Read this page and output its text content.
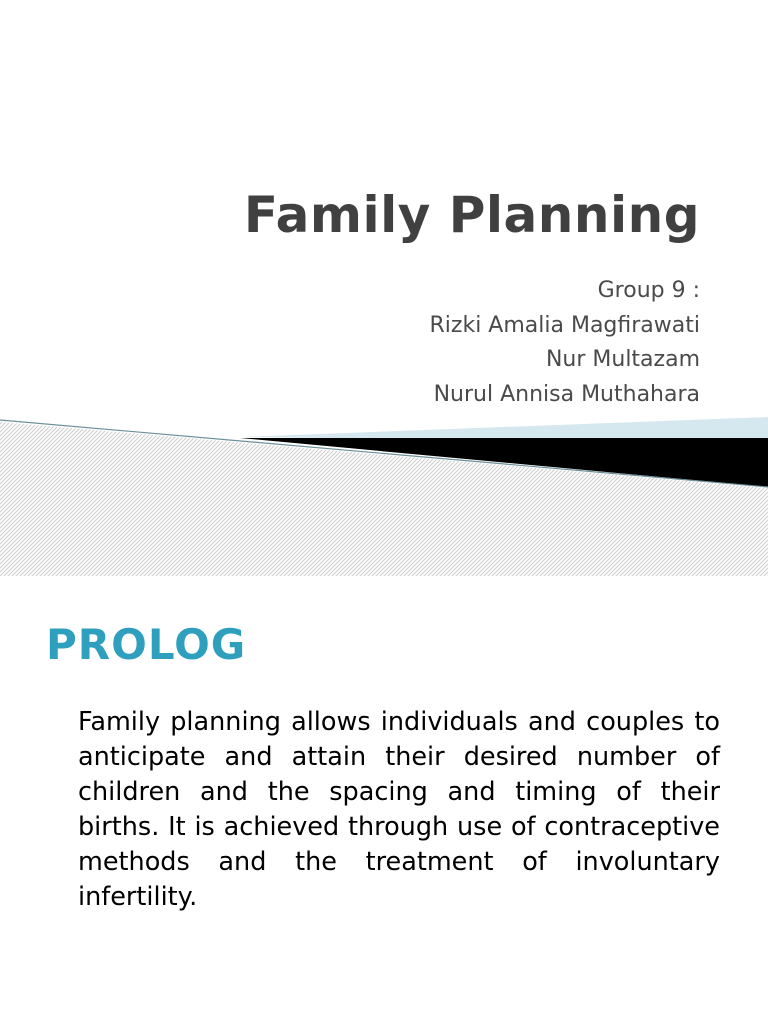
Family Planning
Group 9 :
Rizki Amalia Magfirawati
Nur Multazam
Nurul Annisa Muthahara
PROLOG

Family planning allows individuals and couples to anticipate and attain their desired number of children and the spacing and timing of their births. It is achieved through use of contraceptive methods and the treatment of involuntary infertility.
